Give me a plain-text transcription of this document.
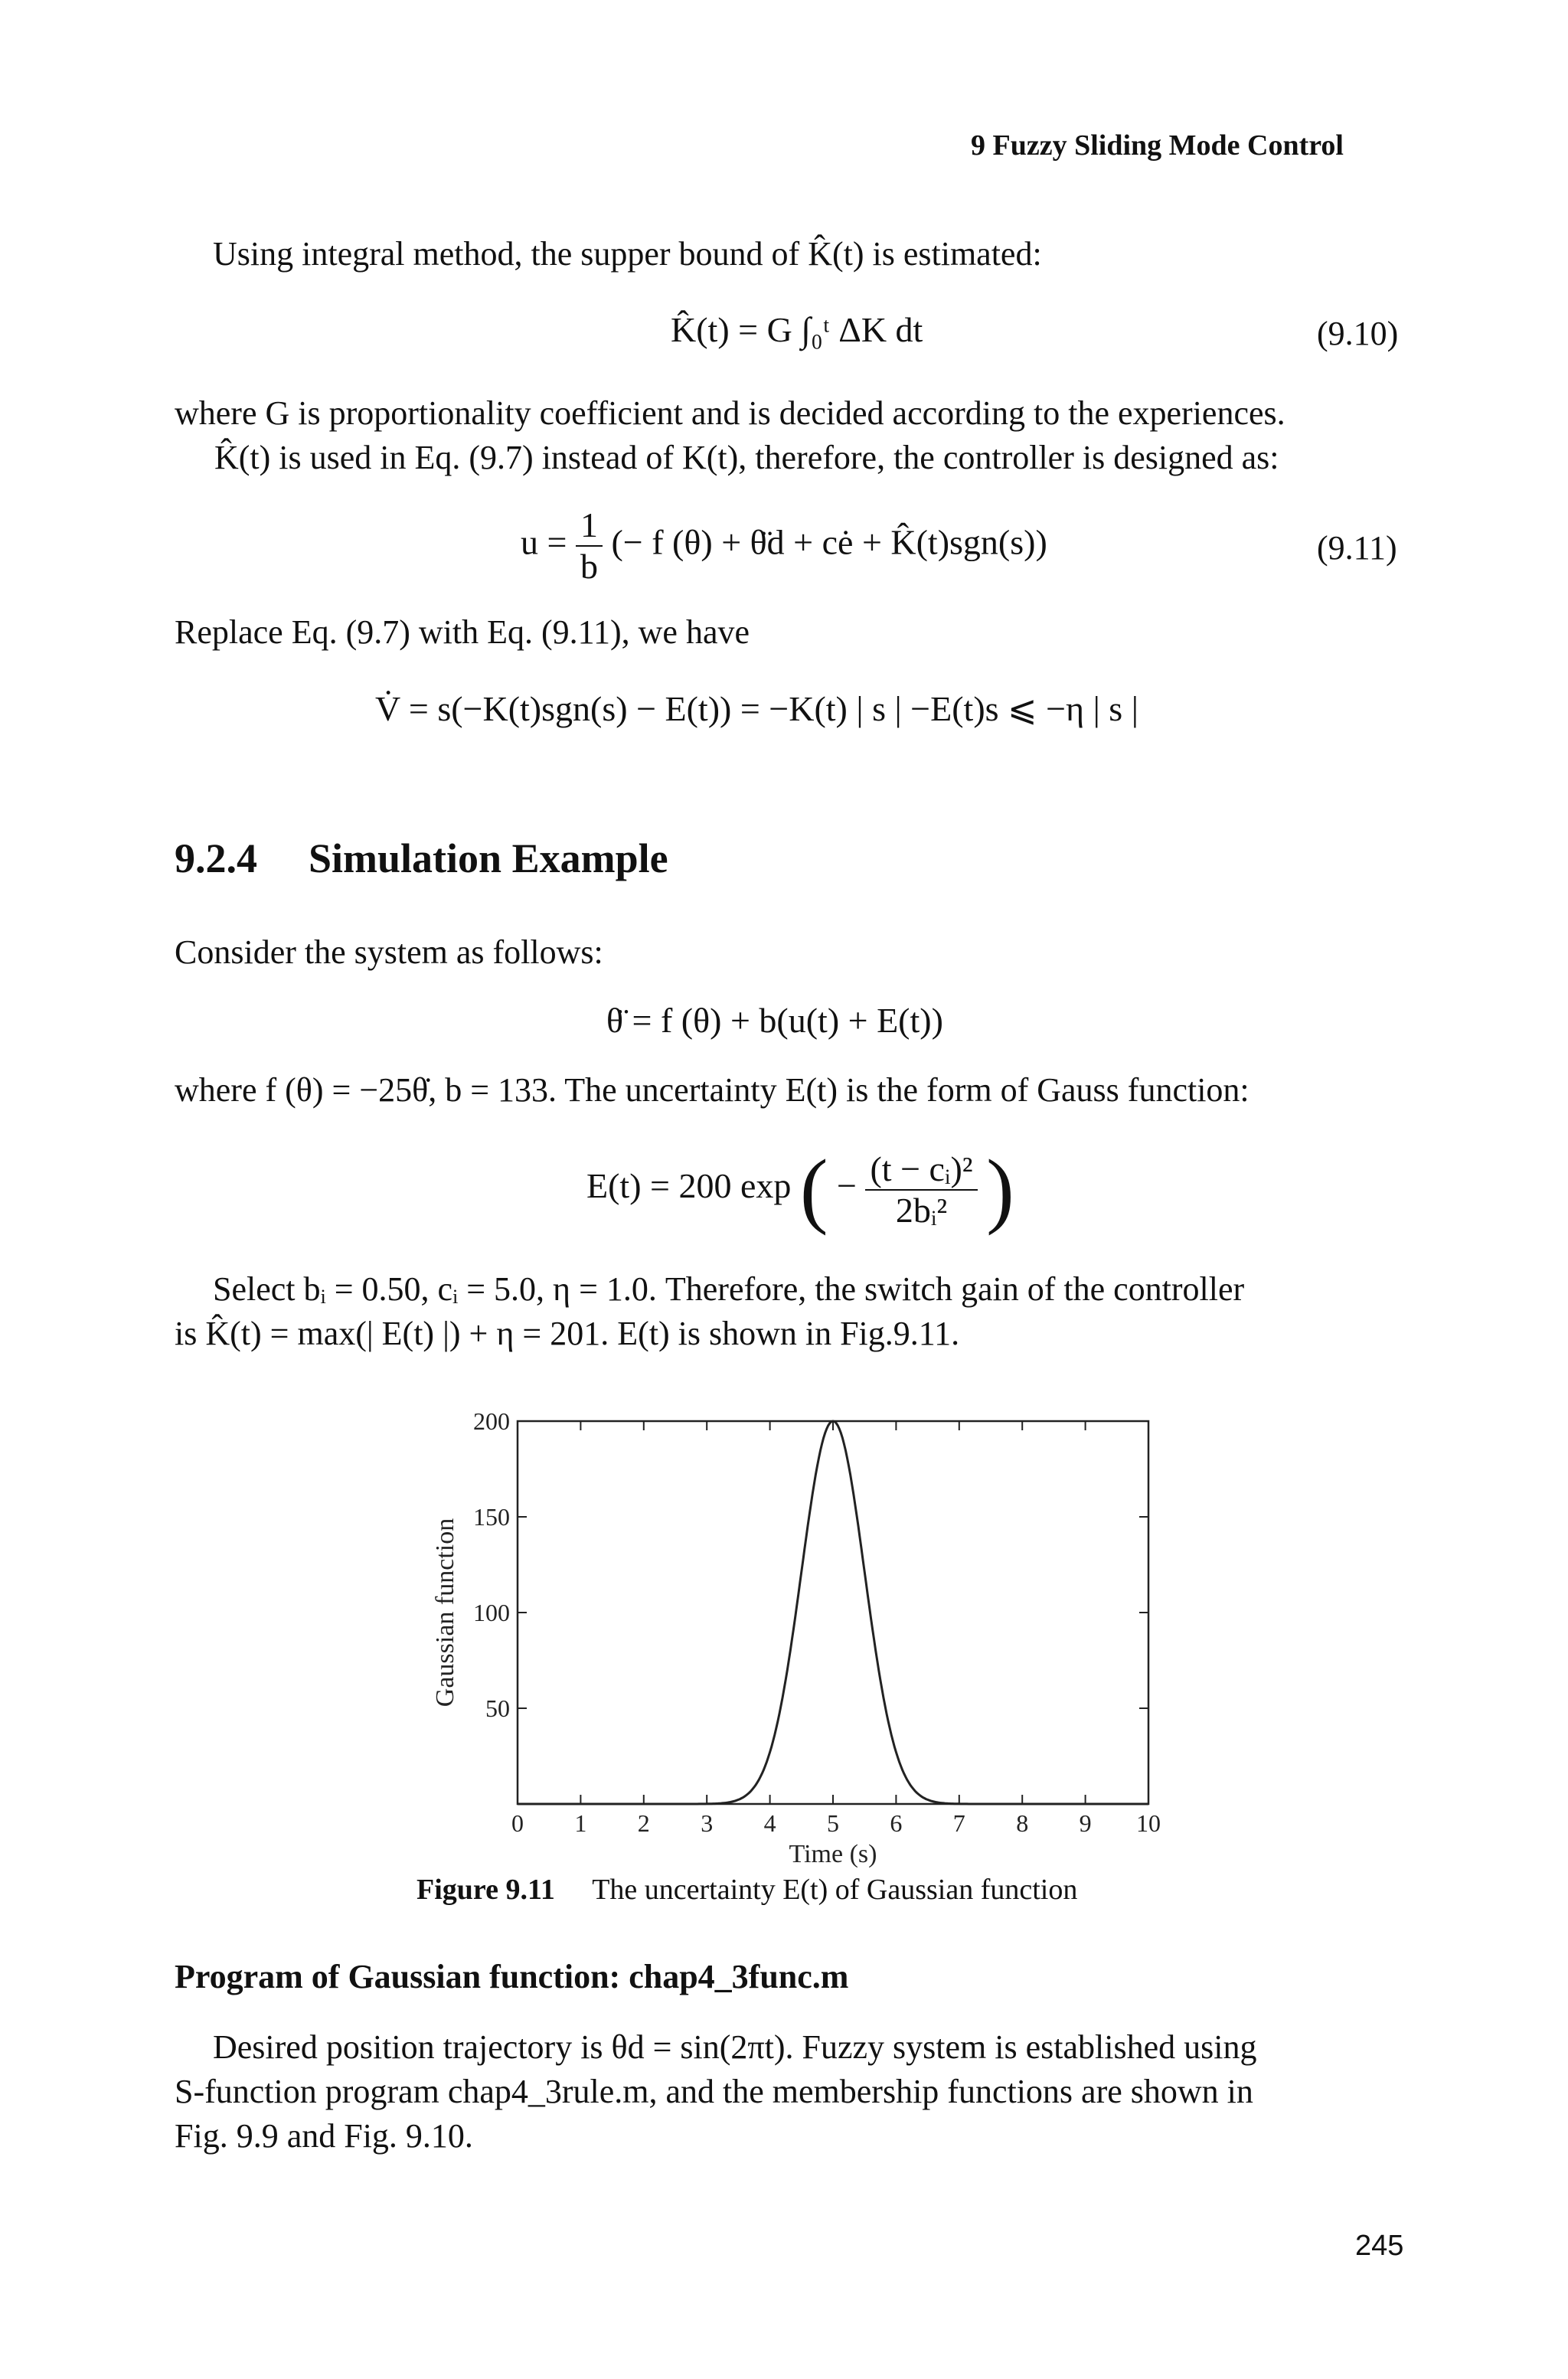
9 Fuzzy Sliding Mode Control
Using integral method, the supper bound of K̂(t) is estimated:
K̂(t) = G ∫₀ᵗ ΔK dt	(9.10)
where G is proportionality coefficient and is decided according to the experiences.
K̂(t) is used in Eq. (9.7) instead of K(t), therefore, the controller is designed as:
$u = \frac{1}{b}$ (− f (θ) + θ̈d + cė + K̂(t)sgn(s))	(9.11)
Replace Eq. (9.7) with Eq. (9.11), we have
V̇ = s(−K(t)sgn(s) − E(t)) = −K(t) | s | −E(t)s ⩽ −η | s |
9.2.4 Simulation Example
Consider the system as follows:
θ̈ = f (θ) + b(u(t) + E(t))
where f (θ) = −25θ̇, b = 133. The uncertainty E(t) is the form of Gauss function:
E(t) = 200 exp ( − $\frac{\text{(t − cᵢ)²}}{\text{2bᵢ²}}$ )
Select bᵢ = 0.50, cᵢ = 5.0, η = 1.0. Therefore, the switch gain of the controller
is K̂(t) = max(| E(t) |) + η = 201. E(t) is shown in Fig.9.11.
0 1 2 3 4 5 6 7 8 9 10
50
100
150
200
Time (s)
Gaussian function
Figure 9.11 The uncertainty E(t) of Gaussian function
Program of Gaussian function: chap4_3func.m
Desired position trajectory is θd = sin(2πt). Fuzzy system is established using
S-function program chap4_3rule.m, and the membership functions are shown in
Fig. 9.9 and Fig. 9.10.
245
